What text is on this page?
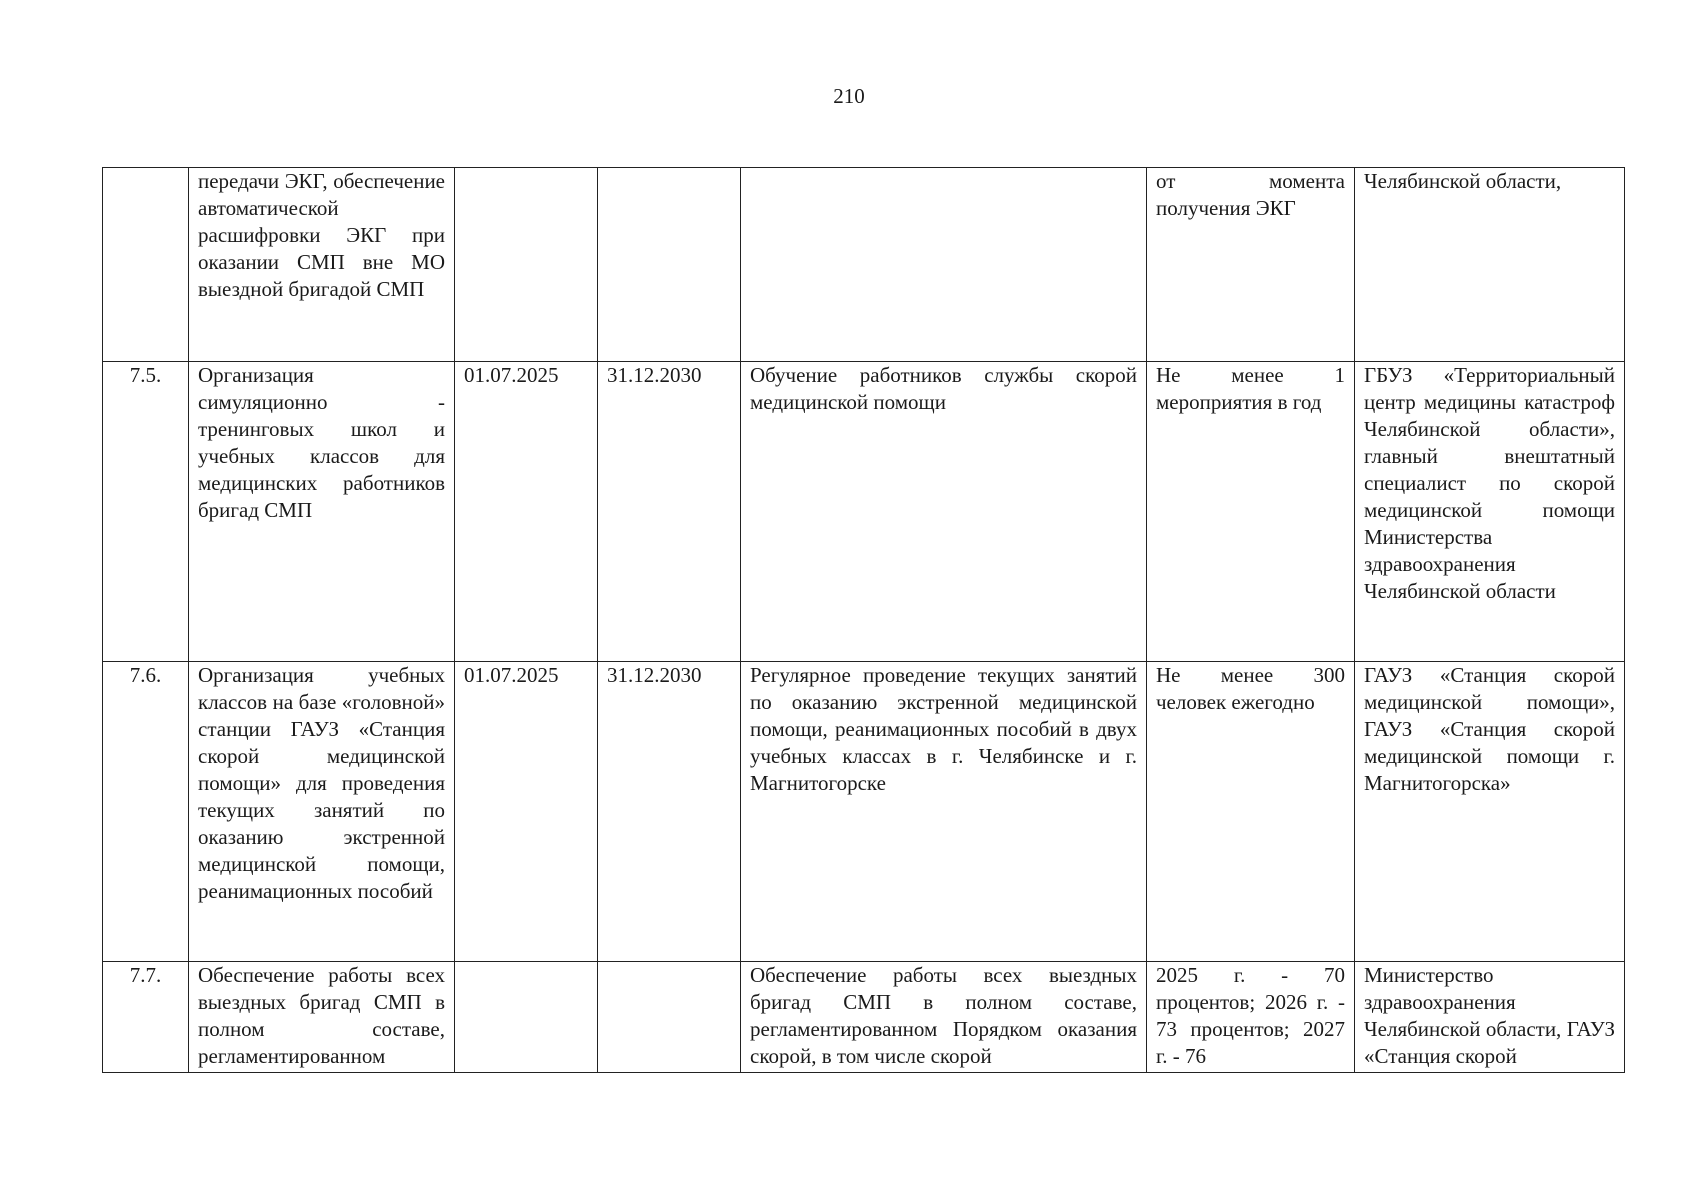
210
	передачи ЭКГ, обеспечение автоматической расшифровки ЭКГ при оказании СМП вне МО выездной бригадой СМП				от момента получения ЭКГ	Челябинской области,
7.5.	Организация симуляционно - тренинговых школ и учебных классов для медицинских работников бригад СМП	01.07.2025	31.12.2030	Обучение работников службы скорой медицинской помощи	Не менее 1 мероприятия в год	ГБУЗ «Территориальный центр медицины катастроф Челябинской области», главный внештатный специалист по скорой медицинской помощи Министерства здравоохранения Челябинской области
7.6.	Организация учебных классов на базе «головной» станции ГАУЗ «Станция скорой медицинской помощи» для проведения текущих занятий по оказанию экстренной медицинской помощи, реанимационных пособий	01.07.2025	31.12.2030	Регулярное проведение текущих занятий по оказанию экстренной медицинской помощи, реанимационных пособий в двух учебных классах в г. Челябинске и г. Магнитогорске	Не менее 300 человек ежегодно	ГАУЗ «Станция скорой медицинской помощи», ГАУЗ «Станция скорой медицинской помощи г. Магнитогорска»
7.7.	Обеспечение работы всех выездных бригад СМП в полном составе, регламентированном			Обеспечение работы всех выездных бригад СМП в полном составе, регламентированном Порядком оказания скорой, в том числе скорой	2025 г. - 70 процентов; 2026 г. - 73 процентов; 2027 г. - 76	Министерство здравоохранения Челябинской области, ГАУЗ «Станция скорой
